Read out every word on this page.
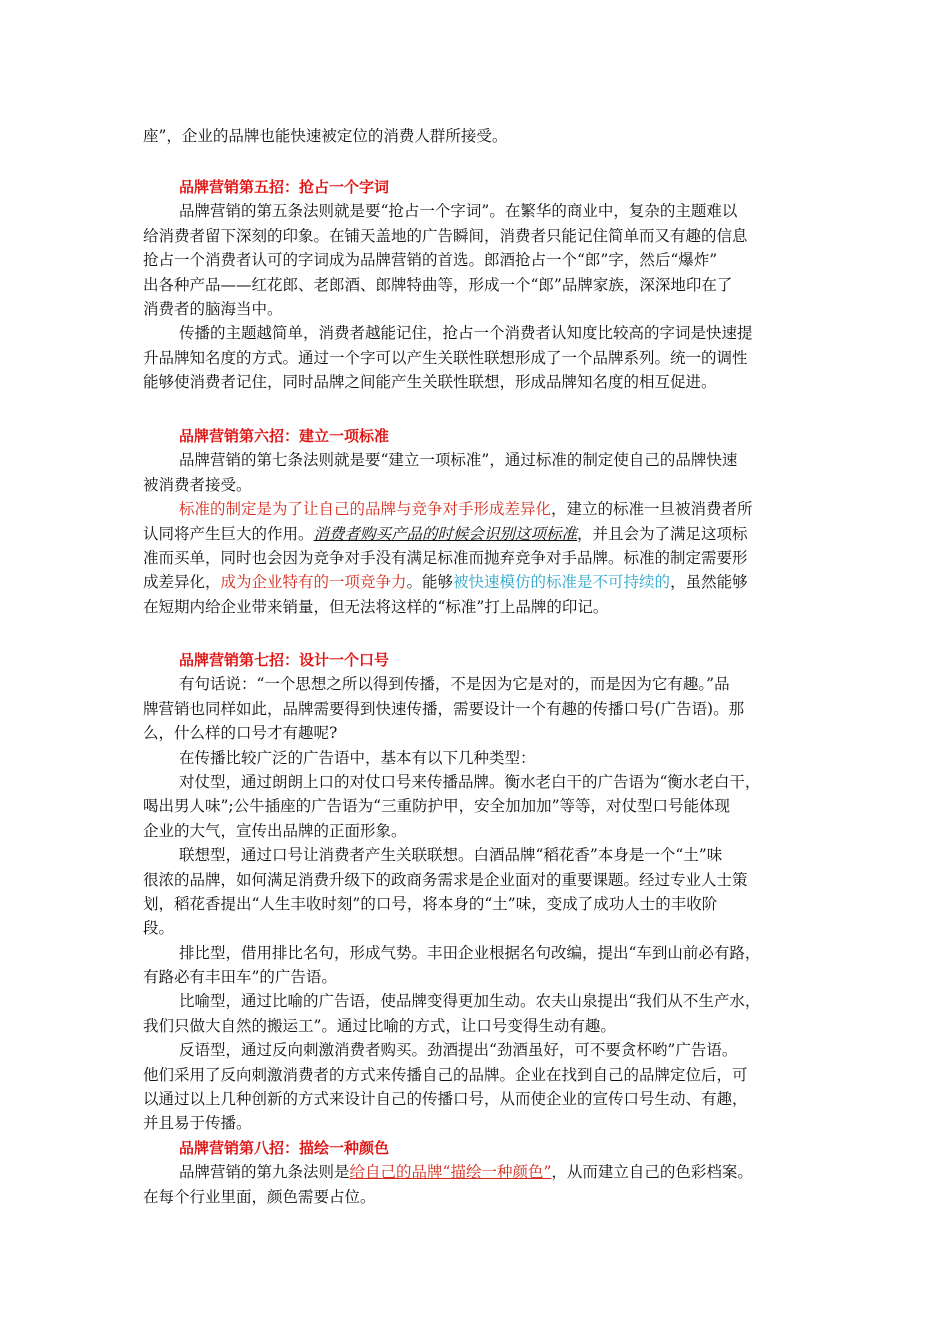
座”，企业的品牌也能快速被定位的消费人群所接受。
品牌营销第五招：抢占一个字词
品牌营销的第五条法则就是要“抢占一个字词”。在繁华的商业中，复杂的主题难以
给消费者留下深刻的印象。在铺天盖地的广告瞬间，消费者只能记住简单而又有趣的信息
抢占一个消费者认可的字词成为品牌营销的首选。郎酒抢占一个“郎”字，然后“爆炸”
出各种产品——红花郎、老郎酒、郎牌特曲等，形成一个“郎”品牌家族，深深地印在了
消费者的脑海当中。
传播的主题越简单，消费者越能记住，抢占一个消费者认知度比较高的字词是快速提
升品牌知名度的方式。通过一个字可以产生关联性联想形成了一个品牌系列。统一的调性
能够使消费者记住，同时品牌之间能产生关联性联想，形成品牌知名度的相互促进。
品牌营销第六招：建立一项标准
品牌营销的第七条法则就是要“建立一项标准”，通过标准的制定使自己的品牌快速
被消费者接受。
标准的制定是为了让自己的品牌与竞争对手形成差异化，建立的标准一旦被消费者所
认同将产生巨大的作用。消费者购买产品的时候会识别这项标准，并且会为了满足这项标
准而买单，同时也会因为竞争对手没有满足标准而抛弃竞争对手品牌。标准的制定需要形
成差异化，成为企业特有的一项竞争力。能够被快速模仿的标准是不可持续的，虽然能够
在短期内给企业带来销量，但无法将这样的“标准”打上品牌的印记。
品牌营销第七招：设计一个口号
有句话说：“一个思想之所以得到传播，不是因为它是对的，而是因为它有趣。”品
牌营销也同样如此，品牌需要得到快速传播，需要设计一个有趣的传播口号(广告语)。那
么，什么样的口号才有趣呢?
在传播比较广泛的广告语中，基本有以下几种类型：
对仗型，通过朗朗上口的对仗口号来传播品牌。衡水老白干的广告语为“衡水老白干，
喝出男人味”;公牛插座的广告语为“三重防护甲，安全加加加”等等，对仗型口号能体现
企业的大气，宣传出品牌的正面形象。
联想型，通过口号让消费者产生关联联想。白酒品牌“稻花香”本身是一个“土”味
很浓的品牌，如何满足消费升级下的政商务需求是企业面对的重要课题。经过专业人士策
划，稻花香提出“人生丰收时刻”的口号，将本身的“土”味，变成了成功人士的丰收阶
段。
排比型，借用排比名句，形成气势。丰田企业根据名句改编，提出“车到山前必有路，
有路必有丰田车”的广告语。
比喻型，通过比喻的广告语，使品牌变得更加生动。农夫山泉提出“我们从不生产水，
我们只做大自然的搬运工”。通过比喻的方式，让口号变得生动有趣。
反语型，通过反向刺激消费者购买。劲酒提出“劲酒虽好，可不要贪杯哟”广告语。
他们采用了反向刺激消费者的方式来传播自己的品牌。企业在找到自己的品牌定位后，可
以通过以上几种创新的方式来设计自己的传播口号，从而使企业的宣传口号生动、有趣，
并且易于传播。
品牌营销第八招：描绘一种颜色
品牌营销的第九条法则是给自己的品牌“描绘一种颜色”，从而建立自己的色彩档案。
在每个行业里面，颜色需要占位。
